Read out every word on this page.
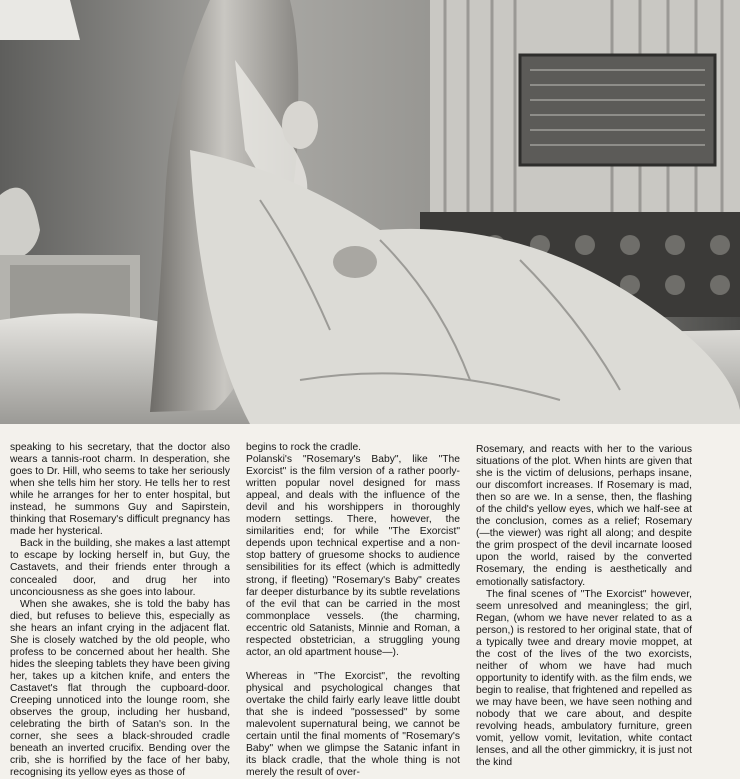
speaking to his secretary, that the doctor also wears a tannis-root charm. In desperation, she goes to Dr. Hill, who seems to take her seriously when she tells him her story. He tells her to rest while he arranges for her to enter hospital, but instead, he summons Guy and Sapirstein, thinking that Rosemary's difficult pregnancy has made her hysterical.

Back in the building, she makes a last attempt to escape by locking herself in, but Guy, the Castavets, and their friends enter through a concealed door, and drug her into unconciousness as she goes into labour.

When she awakes, she is told the baby has died, but refuses to believe this, especially as she hears an infant crying in the adjacent flat. She is closely watched by the old people, who profess to be concerned about her health. She hides the sleeping tablets they have been giving her, takes up a kitchen knife, and enters the Castavet's flat through the cupboard-door. Creeping unnoticed into the lounge room, she observes the group, including her husband, celebrating the birth of Satan's son. In the corner, she sees a black-shrouded cradle beneath an inverted crucifix. Bending over the crib, she is horrified by the face of her baby, recognising its yellow eyes as those of

begins to rock the cradle.

Polanski's "Rosemary's Baby", like "The Exorcist" is the film version of a rather poorly-written popular novel designed for mass appeal, and deals with the influence of the devil and his worshippers in thoroughly modern settings. There, however, the similarities end; for while "The Exorcist" depends upon technical expertise and a non-stop battery of gruesome shocks to audience sensibilities for its effect (which is admittedly strong, if fleeting) "Rosemary's Baby" creates far deeper disturbance by its subtle revelations of the evil that can be carried in the most commonplace vessels. (the charming, eccentric old Satanists, Minnie and Roman, a respected obstetrician, a struggling young actor, an old apartment house—).

Whereas in "The Exorcist", the revolting physical and psychological changes that overtake the child fairly early leave little doubt that she is indeed "possessed" by some malevolent supernatural being, we cannot be certain until the final moments of "Rosemary's Baby" when we glimpse the Satanic infant in its black cradle, that the whole thing is not merely the result of over-

Rosemary, and reacts with her to the various situations of the plot. When hints are given that she is the victim of delusions, perhaps insane, our discomfort increases. If Rosemary is mad, then so are we. In a sense, then, the flashing of the child's yellow eyes, which we half-see at the conclusion, comes as a relief; Rosemary (—the viewer) was right all along; and despite the grim prospect of the devil incarnate loosed upon the world, raised by the converted Rosemary, the ending is aesthetically and emotionally satisfactory.

The final scenes of "The Exorcist" however, seem unresolved and meaningless; the girl, Regan, (whom we have never related to as a person,) is restored to her original state, that of a typically twee and dreary movie moppet, at the cost of the lives of the two exorcists, neither of whom we have had much opportunity to identify with. as the film ends, we begin to realise, that frightened and repelled as we may have been, we have seen nothing and nobody that we care about, and despite revolving heads, ambulatory furniture, green vomit, yellow vomit, levitation, white contact lenses, and all the other gimmickry, it is just not the kind
